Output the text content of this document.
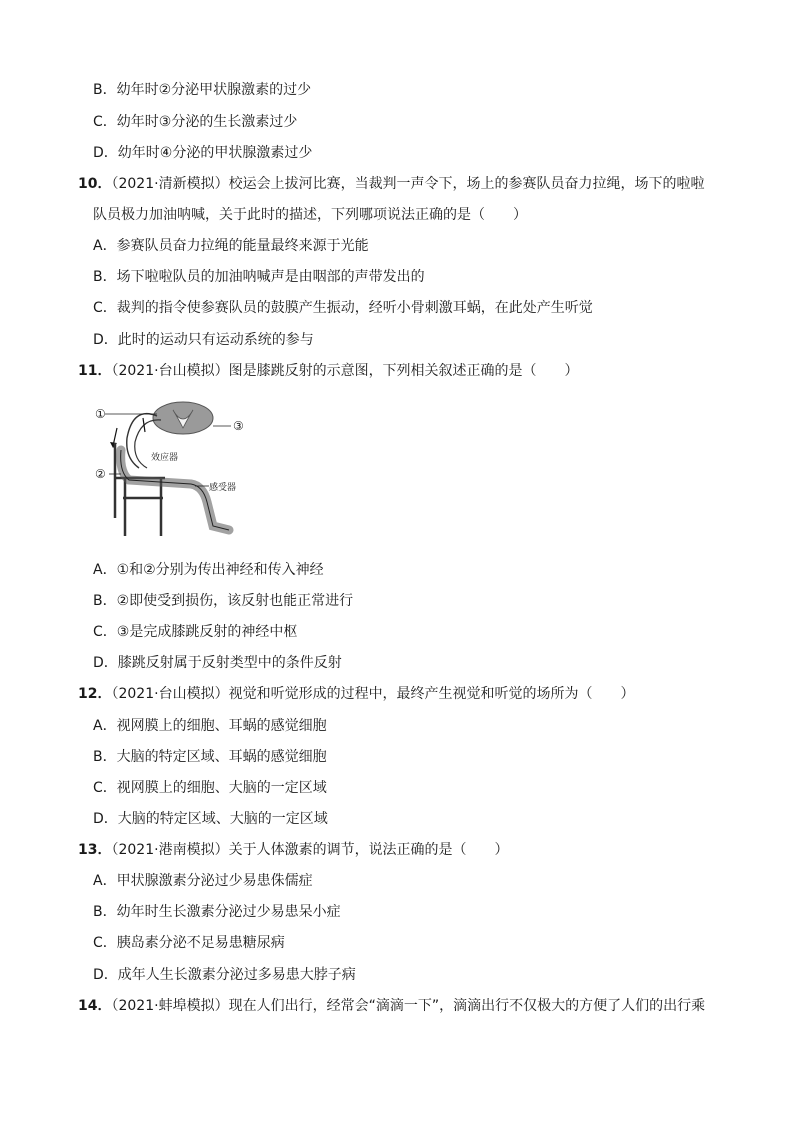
B．幼年时②分泌甲状腺激素的过少
C．幼年时③分泌的生长激素过少
D．幼年时④分泌的甲状腺激素过少
10．（2021·清新模拟）校运会上拔河比赛，当裁判一声令下，场上的参赛队员奋力拉绳，场下的啦啦
队员极力加油呐喊，关于此时的描述，下列哪项说法正确的是（　　）
A．参赛队员奋力拉绳的能量最终来源于光能
B．场下啦啦队员的加油呐喊声是由咽部的声带发出的
C．裁判的指令使参赛队员的鼓膜产生振动，经听小骨刺激耳蜗，在此处产生听觉
D．此时的运动只有运动系统的参与
11．（2021·台山模拟）图是膝跳反射的示意图，下列相关叙述正确的是（　　）
①
③
②
效应器
感受器
A．①和②分别为传出神经和传入神经
B．②即使受到损伤，该反射也能正常进行
C．③是完成膝跳反射的神经中枢
D．膝跳反射属于反射类型中的条件反射
12．（2021·台山模拟）视觉和听觉形成的过程中，最终产生视觉和听觉的场所为（　　）
A．视网膜上的细胞、耳蜗的感觉细胞
B．大脑的特定区域、耳蜗的感觉细胞
C．视网膜上的细胞、大脑的一定区域
D．大脑的特定区域、大脑的一定区域
13．（2021·港南模拟）关于人体激素的调节，说法正确的是（　　）
A．甲状腺激素分泌过少易患侏儒症
B．幼年时生长激素分泌过少易患呆小症
C．胰岛素分泌不足易患糖尿病
D．成年人生长激素分泌过多易患大脖子病
14．（2021·蚌埠模拟）现在人们出行，经常会“滴滴一下”，滴滴出行不仅极大的方便了人们的出行乘
